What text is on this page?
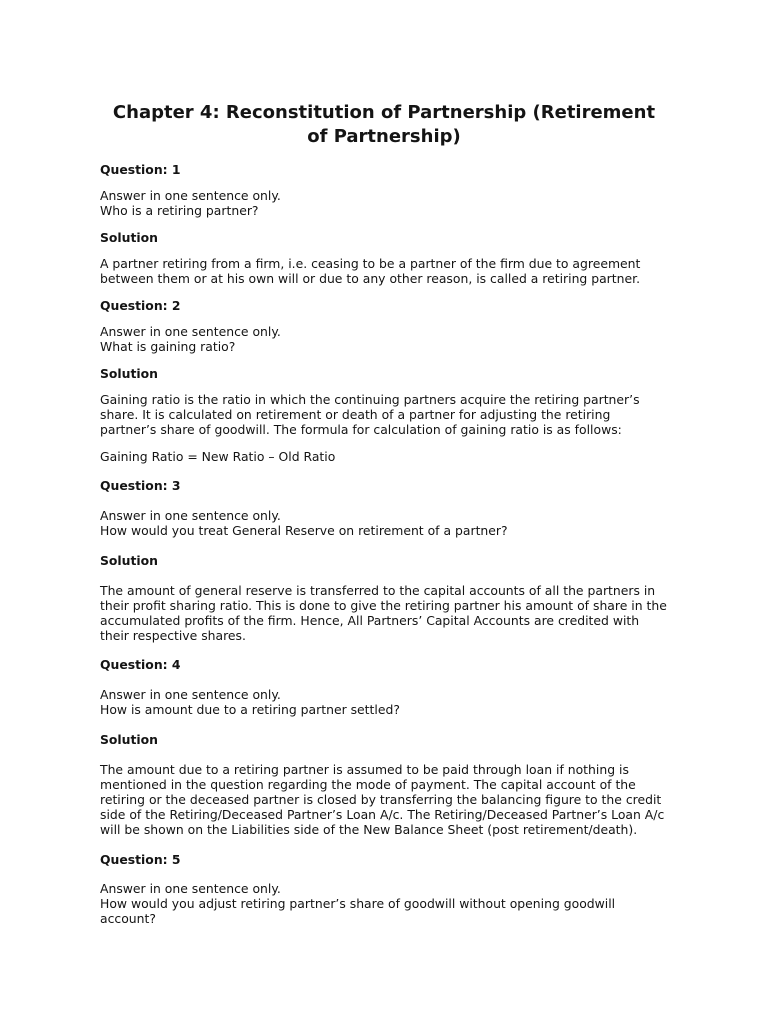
Chapter 4: Reconstitution of Partnership (Retirement
of Partnership)
Question: 1
Answer in one sentence only.
Who is a retiring partner?
Solution
A partner retiring from a firm, i.e. ceasing to be a partner of the firm due to agreement
between them or at his own will or due to any other reason, is called a retiring partner.
Question: 2
Answer in one sentence only.
What is gaining ratio?
Solution
Gaining ratio is the ratio in which the continuing partners acquire the retiring partner’s
share. It is calculated on retirement or death of a partner for adjusting the retiring
partner’s share of goodwill. The formula for calculation of gaining ratio is as follows:
Gaining Ratio = New Ratio – Old Ratio
Question: 3
Answer in one sentence only.
How would you treat General Reserve on retirement of a partner?
Solution
The amount of general reserve is transferred to the capital accounts of all the partners in
their profit sharing ratio. This is done to give the retiring partner his amount of share in the
accumulated profits of the firm. Hence, All Partners’ Capital Accounts are credited with
their respective shares.
Question: 4
Answer in one sentence only.
How is amount due to a retiring partner settled?
Solution
The amount due to a retiring partner is assumed to be paid through loan if nothing is
mentioned in the question regarding the mode of payment. The capital account of the
retiring or the deceased partner is closed by transferring the balancing figure to the credit
side of the Retiring/Deceased Partner’s Loan A/c. The Retiring/Deceased Partner’s Loan A/c
will be shown on the Liabilities side of the New Balance Sheet (post retirement/death).
Question: 5
Answer in one sentence only.
How would you adjust retiring partner’s share of goodwill without opening goodwill
account?
